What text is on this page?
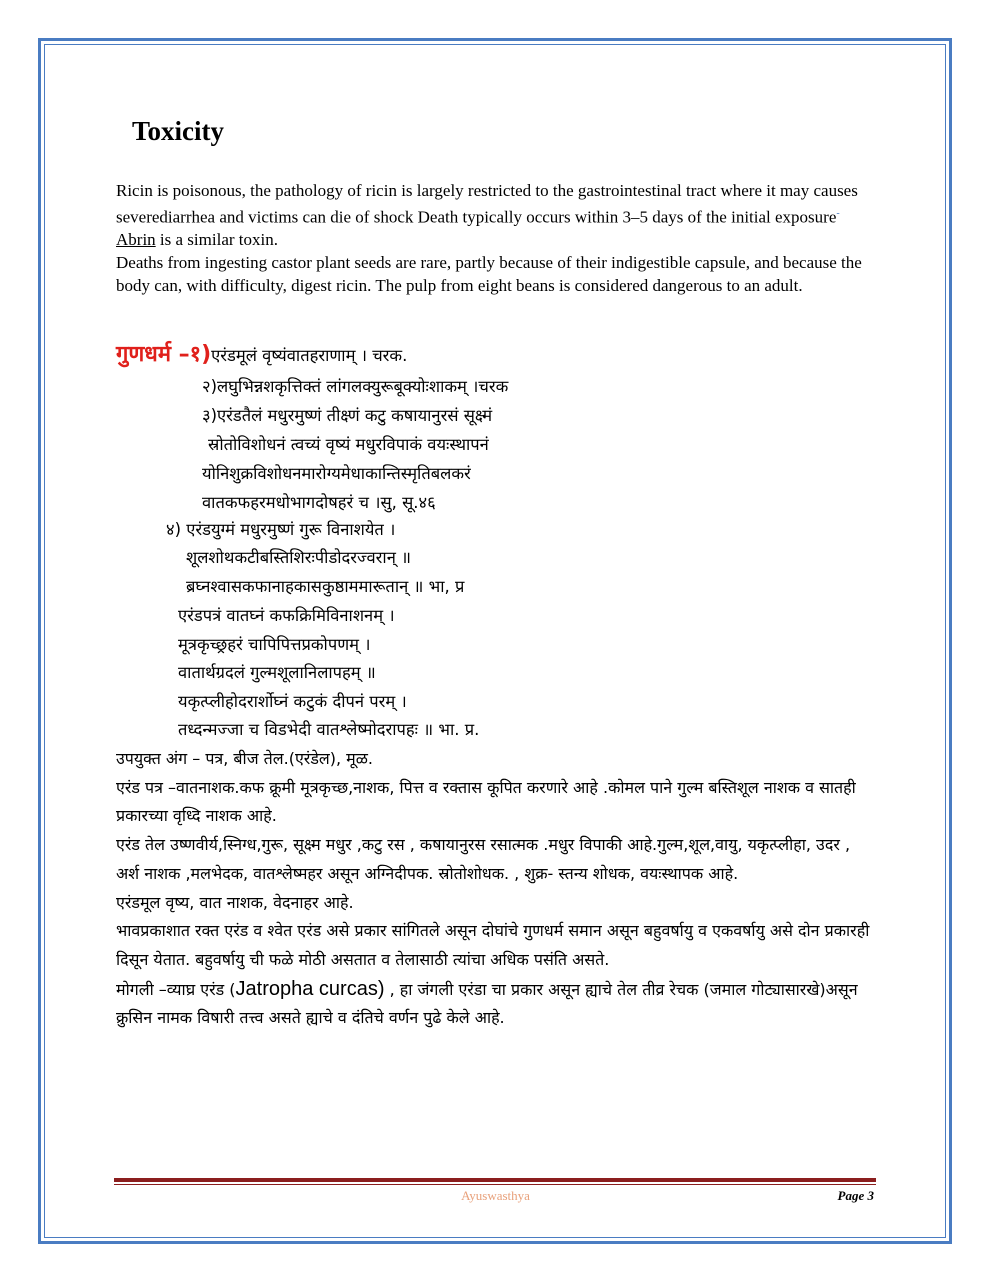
Toxicity

Ricin is poisonous, the pathology of ricin is largely restricted to the gastrointestinal tract where it may causes severediarrhea and victims can die of shock Death typically occurs within 3–5 days of the initial exposure- Abrin is a similar toxin.

Deaths from ingesting castor plant seeds are rare, partly because of their indigestible capsule, and because the body can, with difficulty, digest ricin. The pulp from eight beans is considered dangerous to an adult.

गुणधर्म –१)एरंडमूलं वृष्यंवातहराणाम् । चरक.
२)लघुभिन्नशकृत्तिक्तं लांगलक्युरूबूक्योःशाकम् ।चरक
३)एरंडतैलं मधुरमुष्णं तीक्ष्णं कटु कषायानुरसं सूक्ष्मं
स्रोतोविशोधनं त्वच्यं वृष्यं मधुरविपाकं वयःस्थापनं
योनिशुक्रविशोधनमारोग्यमेधाकान्तिस्मृतिबलकरं
वातकफहरमधोभागदोषहरं च ।सु, सू.४६
४) एरंडयुग्मं मधुरमुष्णं गुरू विनाशयेत ।
शूलशोथकटीबस्तिशिरःपीडोदरज्वरान् ॥
ब्रघ्नश्वासकफानाहकासकुष्ठाममारूतान् ॥ भा, प्र
एरंडपत्रं वातघ्नं कफक्रिमिविनाशनम् ।
मूत्रकृच्छ्रहरं चापिपित्तप्रकोपणम् ।
वातार्थग्रदलं गुल्मशूलानिलापहम् ॥
यकृत्प्लीहोदरार्शोघ्नं कटुकं दीपनं परम् ।
तध्दन्मज्जा च विडभेदी वातश्लेष्मोदरापहः ॥ भा. प्र.

उपयुक्त अंग – पत्र, बीज तेल.(एरंडेल), मूळ.

एरंड पत्र –वातनाशक.कफ क्रूमी मूत्रकृच्छ,नाशक, पित्त व रक्तास कूपित करणारे आहे .कोमल पाने गुल्म बस्तिशूल नाशक व सातही प्रकारच्या वृध्दि नाशक आहे.

एरंड तेल उष्णवीर्य,स्निग्ध,गुरू, सूक्ष्म मधुर ,कटु रस , कषायानुरस रसात्मक .मधुर विपाकी आहे.गुल्म,शूल,वायु, यकृत्प्लीहा, उदर , अर्श नाशक ,मलभेदक, वातश्लेष्महर असून अग्निदीपक. स्रोतोशोधक. , शुक्र- स्तन्य शोधक, वयःस्थापक आहे.

एरंडमूल वृष्य, वात नाशक, वेदनाहर आहे.

भावप्रकाशात रक्त एरंड व श्वेत एरंड असे प्रकार सांगितले असून दोघांचे गुणधर्म समान असून बहुवर्षायु व एकवर्षायु असे दोन प्रकारही दिसून येतात. बहुवर्षायु ची फळे मोठी असतात व तेलासाठी त्यांचा अधिक पसंति असते.

मोगली –व्याघ्र एरंड (Jatropha curcas) , हा जंगली एरंडा चा प्रकार असून ह्याचे तेल तीव्र रेचक (जमाल गोट्यासारखे)असून क्रुसिन नामक विषारी तत्त्व असते ह्याचे व दंतिचे वर्णन पुढे केले आहे.

Ayuswasthya	Page 3
